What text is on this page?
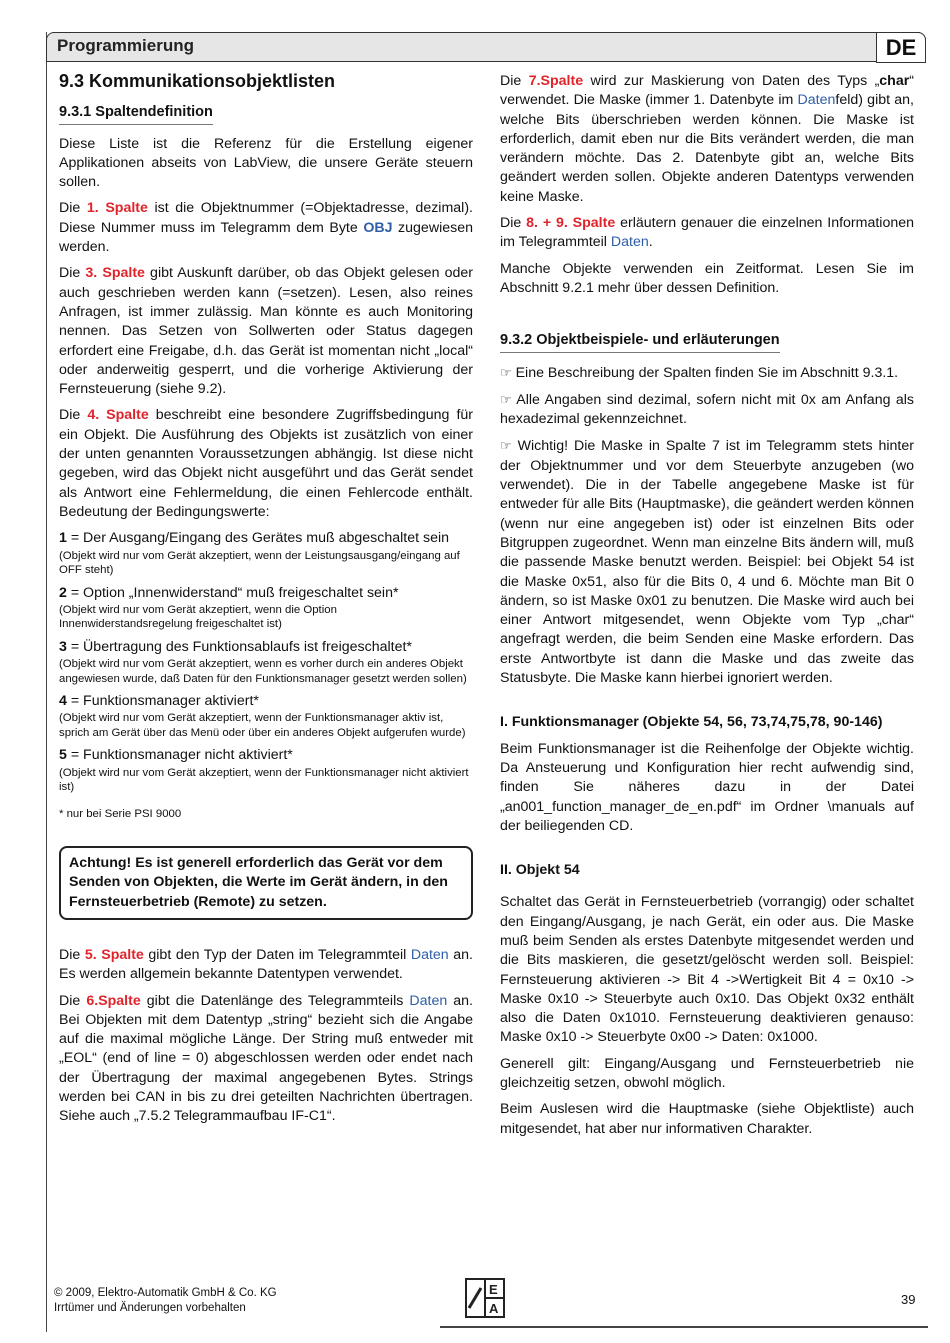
Programmierung	DE
9.3 Kommunikationsobjektlisten
9.3.1 Spaltendefinition

Diese Liste ist die Referenz für die Erstellung eigener Applikationen abseits von LabView, die unsere Geräte steuern sollen.

Die 1. Spalte ist die Objektnummer (=Objektadresse, dezimal). Diese Nummer muss im Telegramm dem Byte OBJ zugewiesen werden.

Die 3. Spalte gibt Auskunft darüber, ob das Objekt gelesen oder auch geschrieben werden kann (=setzen). Lesen, also reines Anfragen, ist immer zulässig. Man könnte es auch Monitoring nennen. Das Setzen von Sollwerten oder Status dagegen erfordert eine Freigabe, d.h. das Gerät ist momentan nicht „local“ oder anderweitig gesperrt, und die vorherige Aktivierung der Fernsteuerung (siehe 9.2).

Die 4. Spalte beschreibt eine besondere Zugriffsbedingung für ein Objekt. Die Ausführung des Objekts ist zusätzlich von einer der unten genannten Voraussetzungen abhängig. Ist diese nicht gegeben, wird das Objekt nicht ausgeführt und das Gerät sendet als Antwort eine Fehlermeldung, die einen Fehlercode enthält. Bedeutung der Bedingungswerte:

1 = Der Ausgang/Eingang des Gerätes muß abgeschaltet sein
(Objekt wird nur vom Gerät akzeptiert, wenn der Leistungsausgang/eingang auf OFF steht)
2 = Option „Innenwiderstand“ muß freigeschaltet sein*
(Objekt wird nur vom Gerät akzeptiert, wenn die Option Innenwiderstandsregelung freigeschaltet ist)
3 = Übertragung des Funktionsablaufs ist freigeschaltet*
(Objekt wird nur vom Gerät akzeptiert, wenn es vorher durch ein anderes Objekt angewiesen wurde, daß Daten für den Funktionsmanager gesetzt werden sollen)
4 = Funktionsmanager aktiviert*
(Objekt wird nur vom Gerät akzeptiert, wenn der Funktionsmanager aktiv ist, sprich am Gerät über das Menü oder über ein anderes Objekt aufgerufen wurde)
5 = Funktionsmanager nicht aktiviert*
(Objekt wird nur vom Gerät akzeptiert, wenn der Funktionsmanager nicht aktiviert ist)
* nur bei Serie PSI 9000
Achtung! Es ist generell erforderlich das Gerät vor dem Senden von Objekten, die Werte im Gerät ändern, in den Fernsteuerbetrieb (Remote) zu setzen.

Die 5. Spalte gibt den Typ der Daten im Telegrammteil Daten an. Es werden allgemein bekannte Datentypen verwendet.

Die 6.Spalte gibt die Datenlänge des Telegrammteils Daten an. Bei Objekten mit dem Datentyp „string“ bezieht sich die Angabe auf die maximal mögliche Länge. Der String muß entweder mit „EOL“ (end of line = 0) abgeschlossen werden oder endet nach der Übertragung der maximal angegebenen Bytes. Strings werden bei CAN in bis zu drei geteilten Nachrichten übertragen. Siehe auch „7.5.2 Telegrammaufbau IF-C1“.

Die 7.Spalte wird zur Maskierung von Daten des Typs „char“ verwendet. Die Maske (immer 1. Datenbyte im Datenfeld) gibt an, welche Bits überschrieben werden können. Die Maske ist erforderlich, damit eben nur die Bits verändert werden, die man verändern möchte. Das 2. Datenbyte gibt an, welche Bits geändert werden sollen. Objekte anderen Datentyps verwenden keine Maske.

Die 8. + 9. Spalte erläutern genauer die einzelnen Informationen im Telegrammteil Daten.

Manche Objekte verwenden ein Zeitformat. Lesen Sie im Abschnitt 9.2.1 mehr über dessen Definition.

9.3.2 Objektbeispiele- und erläuterungen

☞ Eine Beschreibung der Spalten finden Sie im Abschnitt 9.3.1.

☞ Alle Angaben sind dezimal, sofern nicht mit 0x am Anfang als hexadezimal gekennzeichnet.

☞ Wichtig! Die Maske in Spalte 7 ist im Telegramm stets hinter der Objektnummer und vor dem Steuerbyte anzugeben (wo verwendet). Die in der Tabelle angegebene Maske ist für entweder für alle Bits (Hauptmaske), die geändert werden können (wenn nur eine angegeben ist) oder ist einzelnen Bits oder Bitgruppen zugeordnet. Wenn man einzelne Bits ändern will, muß die passende Maske benutzt werden. Beispiel: bei Objekt 54 ist die Maske 0x51, also für die Bits 0, 4 und 6. Möchte man Bit 0 ändern, so ist Maske 0x01 zu benutzen. Die Maske wird auch bei einer Antwort mitgesendet, wenn Objekte vom Typ „char“ angefragt werden, die beim Senden eine Maske erfordern. Das erste Antwortbyte ist dann die Maske und das zweite das Statusbyte. Die Maske kann hierbei ignoriert werden.

I. Funktionsmanager (Objekte 54, 56, 73,74,75,78, 90-146)

Beim Funktionsmanager ist die Reihenfolge der Objekte wichtig. Da Ansteuerung und Konfiguration hier recht aufwendig sind, finden Sie näheres dazu in der Datei „an001_function_manager_de_en.pdf“ im Ordner \manuals auf der beiliegenden CD.

II. Objekt 54

Schaltet das Gerät in Fernsteuerbetrieb (vorrangig) oder schaltet den Eingang/Ausgang, je nach Gerät, ein oder aus. Die Maske muß beim Senden als erstes Datenbyte mitgesendet werden und die Bits maskieren, die gesetzt/gelöscht werden soll. Beispiel: Fernsteuerung aktivieren -> Bit 4 ->Wertigkeit Bit 4 = 0x10 -> Maske 0x10 -> Steuerbyte auch 0x10. Das Objekt 0x32 enthält also die Daten 0x1010. Fernsteuerung deaktivieren genauso: Maske 0x10 -> Steuerbyte 0x00 -> Daten: 0x1000.

Generell gilt: Eingang/Ausgang und Fernsteuerbetrieb nie gleichzeitig setzen, obwohl möglich.

Beim Auslesen wird die Hauptmaske (siehe Objektliste) auch mitgesendet, hat aber nur informativen Charakter.

© 2009, Elektro-Automatik GmbH & Co. KG
Irrtümer und Änderungen vorbehalten
E
A
39
